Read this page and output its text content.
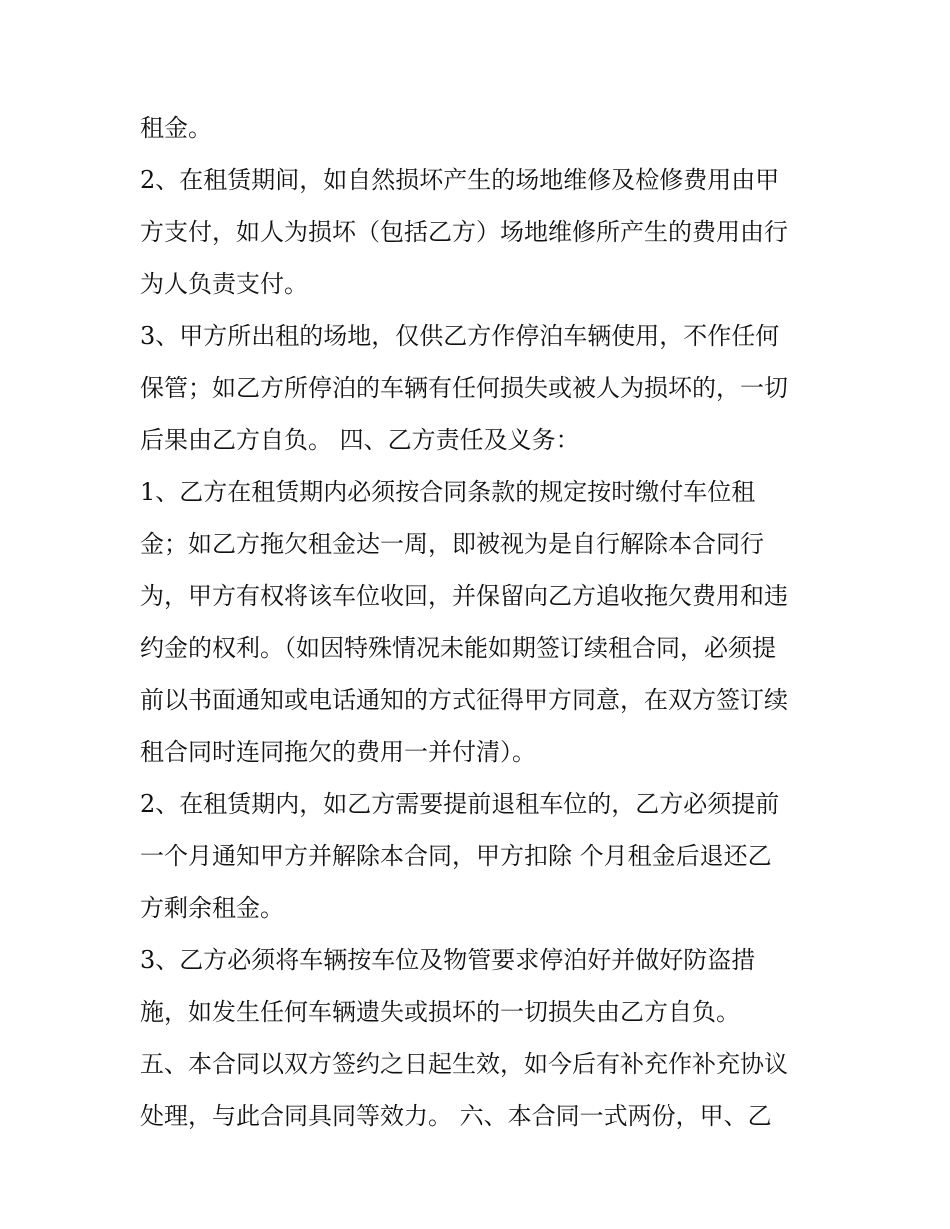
租金。
2、在租赁期间，如自然损坏产生的场地维修及检修费用由甲
方支付，如人为损坏（包括乙方）场地维修所产生的费用由行
为人负责支付。
3、甲方所出租的场地，仅供乙方作停泊车辆使用，不作任何
保管；如乙方所停泊的车辆有任何损失或被人为损坏的，一切
后果由乙方自负。 四、乙方责任及义务：
1、乙方在租赁期内必须按合同条款的规定按时缴付车位租
金；如乙方拖欠租金达一周，即被视为是自行解除本合同行
为，甲方有权将该车位收回，并保留向乙方追收拖欠费用和违
约金的权利。（如因特殊情况未能如期签订续租合同，必须提
前以书面通知或电话通知的方式征得甲方同意，在双方签订续
租合同时连同拖欠的费用一并付清）。
2、在租赁期内，如乙方需要提前退租车位的，乙方必须提前
一个月通知甲方并解除本合同，甲方扣除 个月租金后退还乙
方剩余租金。
3、乙方必须将车辆按车位及物管要求停泊好并做好防盗措
施，如发生任何车辆遗失或损坏的一切损失由乙方自负。
五、本合同以双方签约之日起生效，如今后有补充作补充协议
处理，与此合同具同等效力。 六、本合同一式两份，甲、乙
